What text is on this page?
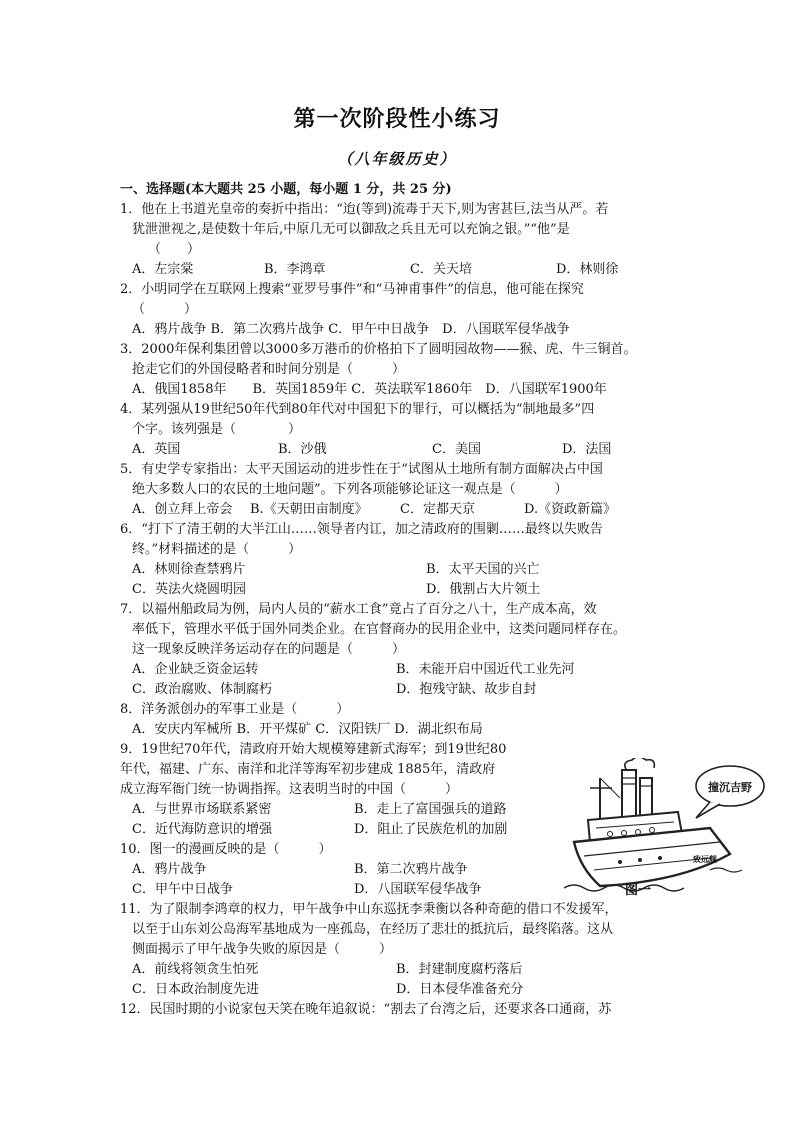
第一次阶段性小练习
（八年级历史）
一、选择题(本大题共 25 小题，每小题 1 分，共 25 分)
1．他在上书道光皇帝的奏折中指出：“迨(等到)流毒于天下,则为害甚巨,法当从严。若
犹泄泄视之,是使数十年后,中原几无可以御敌之兵且无可以充饷之银。”“他”是
（　　）
A．左宗棠	B．李鸿章	C．关天培	D．林则徐
2．小明同学在互联网上搜索“亚罗号事件”和“马神甫事件”的信息，他可能在探究
（　　　）
A．鸦片战争 B．第二次鸦片战争 C．甲午中日战争　D．八国联军侵华战争
3．2000年保利集团曾以3000多万港币的价格拍下了圆明园故物——猴、虎、牛三铜首。
抢走它们的外国侵略者和时间分别是（　　　）
A．俄国1858年　　B．英国1859年 C．英法联军1860年　D．八国联军1900年
4．某列强从19世纪50年代到80年代对中国犯下的罪行，可以概括为“制地最多”四
个字。该列强是（　　　　）
A．英国	B．沙俄	C．美国	D．法国
5．有史学专家指出：太平天国运动的进步性在于“试图从土地所有制方面解决占中国
绝大多数人口的农民的土地问题”。下列各项能够论证这一观点是（　　　）
A．创立拜上帝会	B.《天朝田亩制度》	C．定都天京	D.《资政新篇》
6．“打下了清王朝的大半江山……领导者内讧，加之清政府的围剿……最终以失败告
终。”材料描述的是（　　　）
A．林则徐查禁鸦片	B．太平天国的兴亡
C．英法火烧圆明园	D．俄割占大片领土
7．以福州船政局为例，局内人员的“薪水工食”竟占了百分之八十，生产成本高，效
率低下，管理水平低于国外同类企业。在官督商办的民用企业中，这类问题同样存在。
这一现象反映洋务运动存在的问题是（　　　）
A．企业缺乏资金运转	B．未能开启中国近代工业先河
C．政治腐败、体制腐朽	D．抱残守缺、故步自封
8．洋务派创办的军事工业是（　　　）
A．安庆内军械所 B．开平煤矿 C．汉阳铁厂 D．湖北织布局
9．19世纪70年代，清政府开始大规模筹建新式海军；到19世纪80
年代，福建、广东、南洋和北洋等海军初步建成 1885年，清政府
成立海军衙门统一协调指挥。这表明当时的中国（　　　）
A．与世界市场联系紧密	B．走上了富国强兵的道路
C．近代海防意识的增强	D．阻止了民族危机的加剧
10．图一的漫画反映的是（　　　）
A．鸦片战争	B．第二次鸦片战争
C．甲午中日战争	D．八国联军侵华战争
11．为了限制李鸿章的权力，甲午战争中山东巡抚李秉衡以各种奇葩的借口不发援军，
以至于山东刘公岛海军基地成为一座孤岛，在经历了悲壮的抵抗后，最终陷落。这从
侧面揭示了甲午战争失败的原因是（　　　）
A．前线将领贪生怕死	B．封建制度腐朽落后
C．日本政治制度先进	D．日本侵华准备充分
12．民国时期的小说家包天笑在晚年追叙说：“割去了台湾之后，还要求各口通商，苏
撞沉吉野
致远舰
图一
